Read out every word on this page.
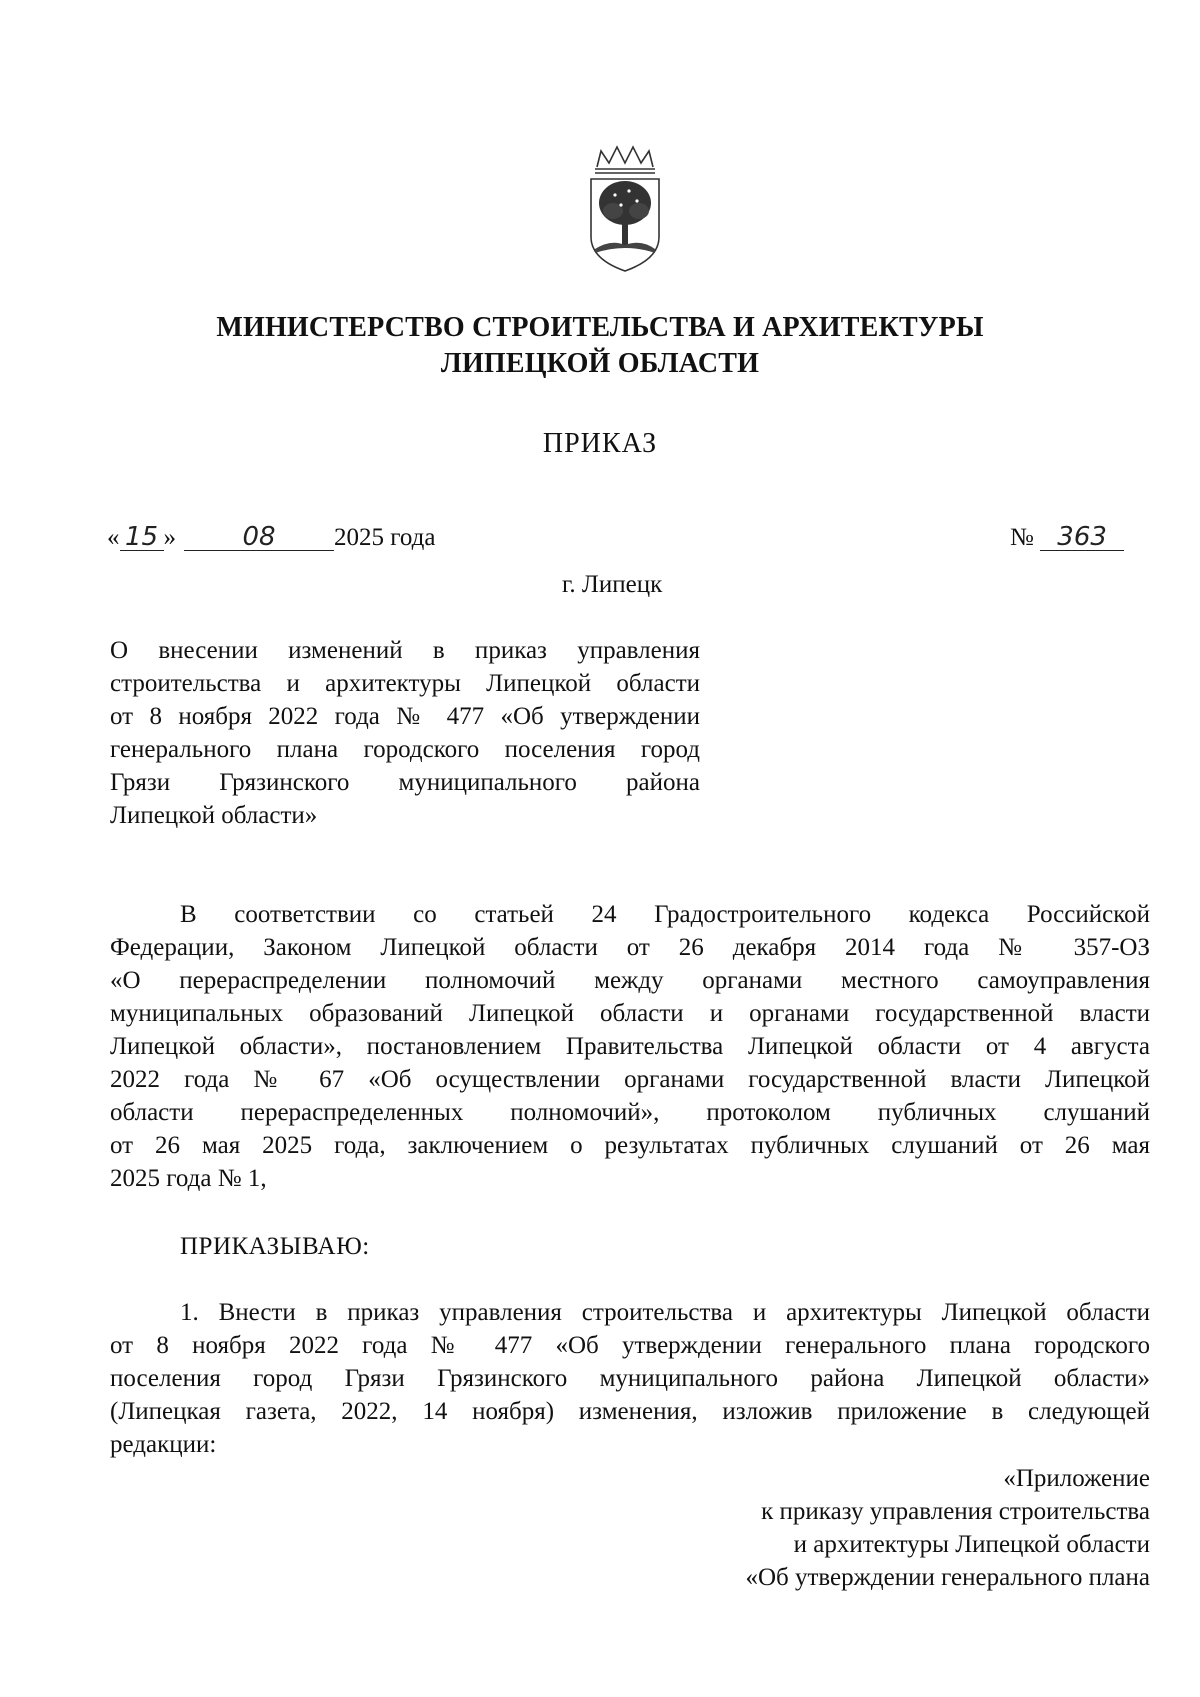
МИНИСТЕРСТВО СТРОИТЕЛЬСТВА И АРХИТЕКТУРЫ
ЛИПЕЦКОЙ ОБЛАСТИ
ПРИКАЗ
« 15 »	08 2025 года	№ 363
г. Липецк
О внесении изменений в приказ управления
строительства и архитектуры Липецкой области
от 8 ноября 2022 года № 477 «Об утверждении
генерального плана городского поселения город
Грязи Грязинского муниципального района
Липецкой области»
В соответствии со статьей 24 Градостроительного кодекса Российской
Федерации, Законом Липецкой области от 26 декабря 2014 года № 357-ОЗ
«О перераспределении полномочий между органами местного самоуправления
муниципальных образований Липецкой области и органами государственной власти
Липецкой области», постановлением Правительства Липецкой области от 4 августа
2022 года № 67 «Об осуществлении органами государственной власти Липецкой
области перераспределенных полномочий», протоколом публичных слушаний
от 26 мая 2025 года, заключением о результатах публичных слушаний от 26 мая
2025 года № 1,
ПРИКАЗЫВАЮ:
1. Внести в приказ управления строительства и архитектуры Липецкой области
от 8 ноября 2022 года № 477 «Об утверждении генерального плана городского
поселения город Грязи Грязинского муниципального района Липецкой области»
(Липецкая газета, 2022, 14 ноября) изменения, изложив приложение в следующей
редакции:
«Приложение
к приказу управления строительства
и архитектуры Липецкой области
«Об утверждении генерального плана
